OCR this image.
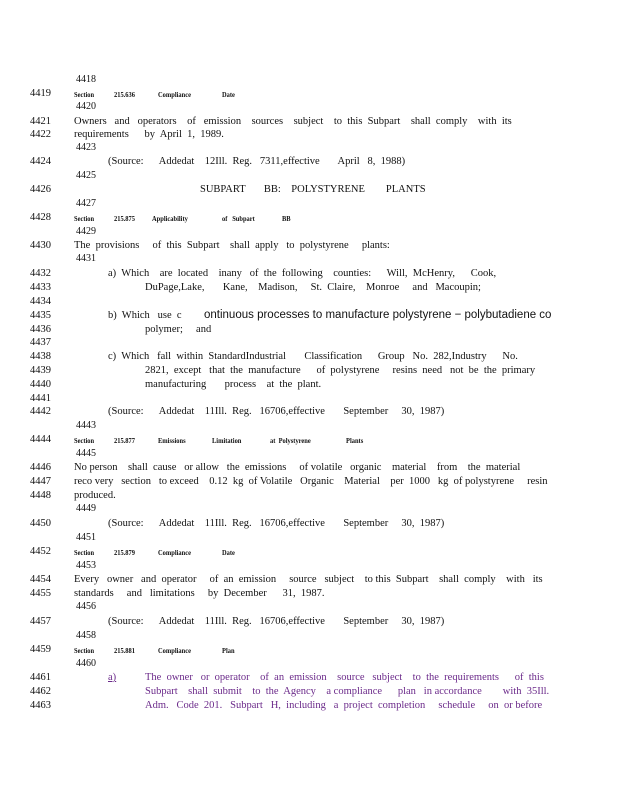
4418
4419	Section	215.636	Compliance	Date
4420
4421	Owners   and   operators    of   emission    sources    subject    to  this  Subpart    shall  comply    with  its
4422	requirements      by  April  1,  1989.
4423
4424	(Source:      Addedat    12Ill.  Reg.   7311,effective       April   8,  1988)
4425
4426	SUBPART       BB:    POLYSTYRENE        PLANTS
4427
4428	Section	215.875 Applicability	of   Subpart	BB
4429
4430	The  provisions     of  this  Subpart    shall  apply   to  polystyrene     plants:
4431
4432	a)  Which    are  located    inany   of  the  following    counties:      Will,  McHenry,      Cook,
4433	DuPage,Lake,       Kane,    Madison,     St.  Claire,    Monroe     and   Macoupin;
4434
4435	b)  Which   use  c ontinuous processes to manufacture polystyrene − polybutadiene co
4436	polymer;     and
4437
4438	c)  Which   fall  within  StandardIndustrial       Classification      Group   No.  282,Industry      No.
4439	2821,  except   that  the  manufacture      of  polystyrene     resins  need   not  be  the  primary
4440	manufacturing       process    at  the  plant.
4441
4442	(Source:      Addedat    11Ill.  Reg.   16706,effective       September     30,  1987)
4443
4444	Section	215.877	Emissions	Limitation	at  Polystyrene	Plants
4445
4446	No person    shall  cause   or allow   the  emissions     of volatile   organic    material    from    the  material
4447	reco very   section   to exceed    0.12  kg  of Volatile   Organic    Material    per  1000   kg  of polystyrene     resin
4448	produced.
4449
4450	(Source:      Addedat    11Ill.  Reg.   16706,effective       September     30,  1987)
4451
4452	Section	215.879	Compliance	Date
4453
4454	Every   owner   and  operator     of  an  emission     source   subject    to this  Subpart    shall  comply    with   its
4455	standards     and   limitations     by  December      31,  1987.
4456
4457	(Source:      Addedat    11Ill.  Reg.   16706,effective       September     30,  1987)
4458
4459	Section	215.881	Compliance	Plan
4460
4461	a)	The  owner   or  operator    of  an  emission    source   subject    to  the  requirements      of  this
4462	Subpart    shall  submit    to  the  Agency    a compliance      plan   in accordance        with  35Ill.
4463	Adm.   Code  201.   Subpart   H,  including   a  project  completion     schedule     on  or before
